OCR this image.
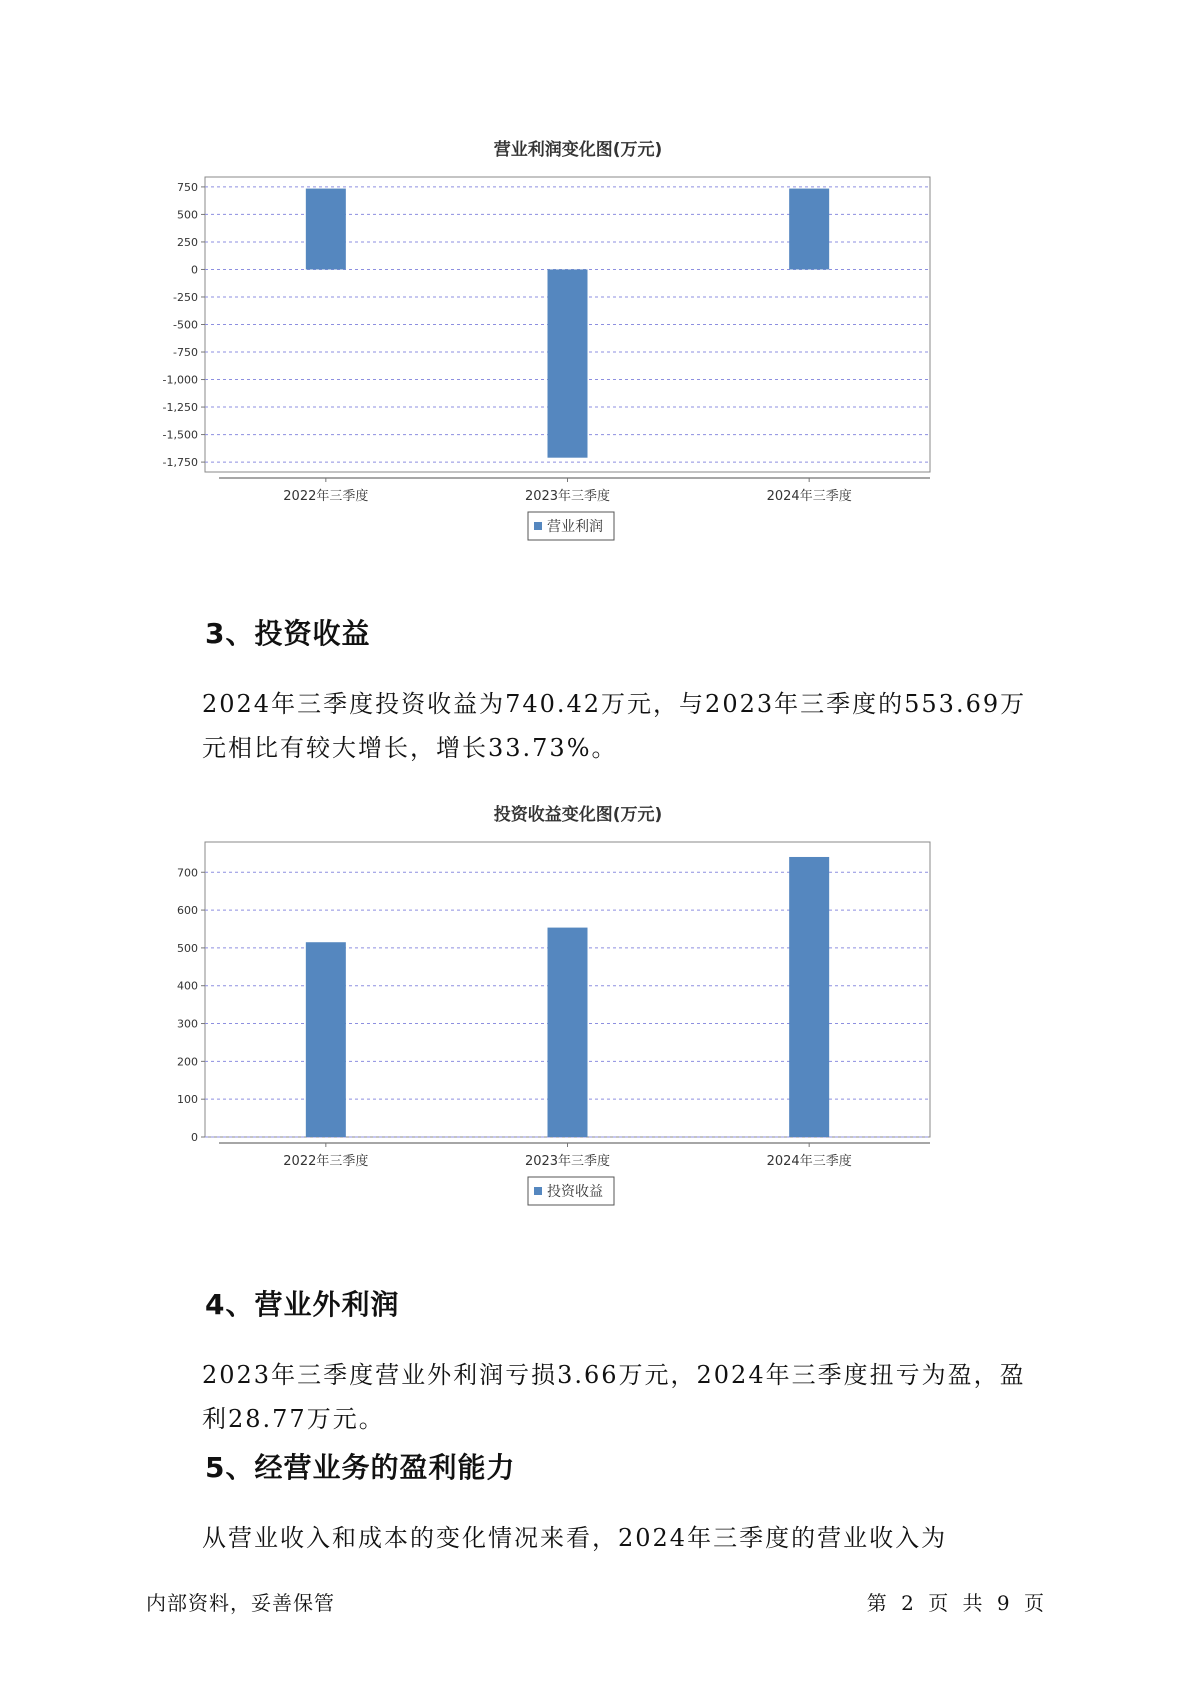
营业利润变化图(万元)
750
500
250
0
-250
-500
-750
-1,000
-1,250
-1,500
-1,750
2022年三季度	2023年三季度	2024年三季度
营业利润
3、投资收益
2024年三季度投资收益为740.42万元，与2023年三季度的553.69万元相比有较大增长，增长33.73%。
投资收益变化图(万元)
0
100
200
300
400
500
600
700
2022年三季度	2023年三季度	2024年三季度
投资收益
4、营业外利润
2023年三季度营业外利润亏损3.66万元，2024年三季度扭亏为盈，盈利28.77万元。
5、经营业务的盈利能力
从营业收入和成本的变化情况来看，2024年三季度的营业收入为
内部资料，妥善保管	第 2 页 共 9 页
